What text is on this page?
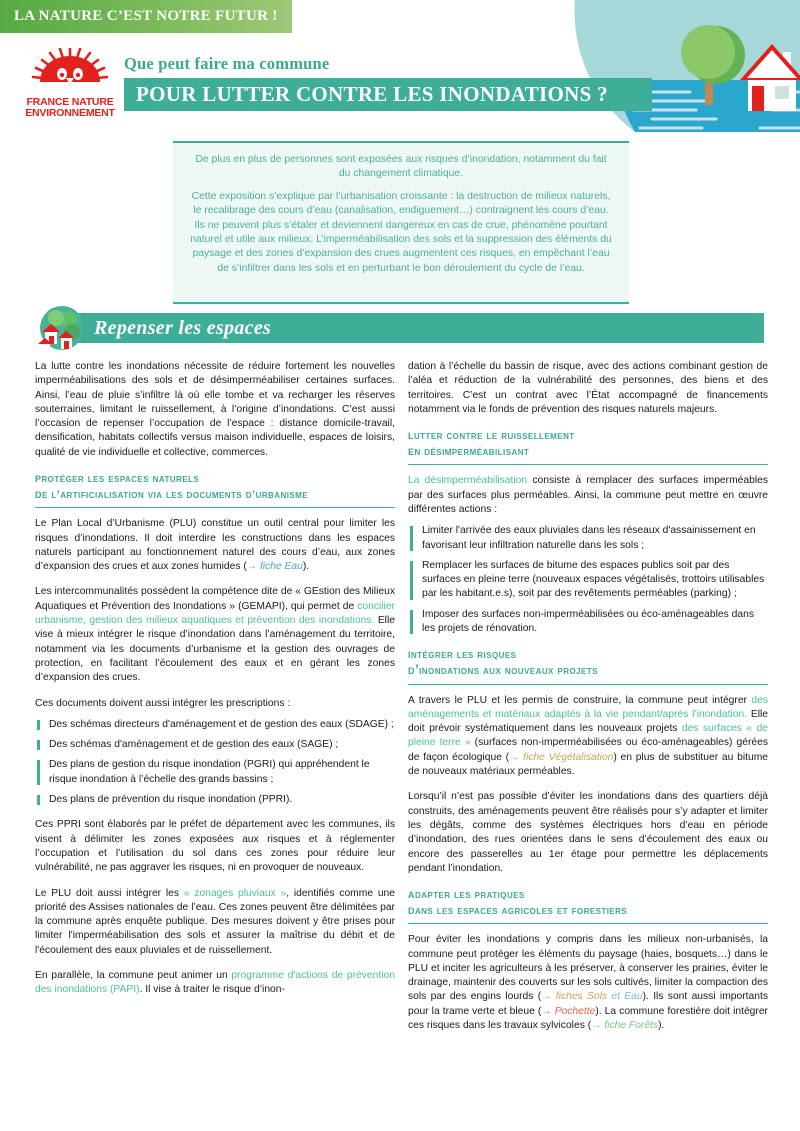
LA NATURE C’EST NOTRE FUTUR !
FRANCE NATURE
ENVIRONNEMENT
Que peut faire ma commune
POUR LUTTER CONTRE LES INONDATIONS ?

De plus en plus de personnes sont exposées aux risques d’inondation, notamment du fait du changement climatique.

Cette exposition s’explique par l’urbanisation croissante : la destruction de milieux naturels, le recalibrage des cours d’eau (canalisation, endiguement…) contraignent les cours d’eau. Ils ne peuvent plus s’étaler et deviennent dangereux en cas de crue, phénomène pourtant naturel et utile aux milieux. L’imperméabilisation des sols et la suppression des éléments du paysage et des zones d’expansion des crues augmentent ces risques, en empêchant l’eau de s’infiltrer dans les sols et en perturbant le bon déroulement du cycle de l’eau.

Repenser les espaces

La lutte contre les inondations nécessite de réduire fortement les nouvelles imperméabilisations des sols et de désimperméabiliser certaines surfaces. Ainsi, l’eau de pluie s’infiltre là où elle tombe et va recharger les réserves souterraines, limitant le ruissellement, à l’origine d’inondations. C’est aussi l’occasion de repenser l’occupation de l’espace : distance domicile-travail, densification, habitats collectifs versus maison individuelle, espaces de loisirs, qualité de vie individuelle et collective, commerces.

protéger les espaces naturels
de l’artificialisation via les documents d’urbanisme

Le Plan Local d’Urbanisme (PLU) constitue un outil central pour limiter les risques d’inondations. Il doit interdire les constructions dans les espaces naturels participant au fonctionnement naturel des cours d’eau, aux zones d’expansion des crues et aux zones humides (→ fiche Eau).

Les intercommunalités possèdent la compétence dite de « GEstion des Milieux Aquatiques et Prévention des Inondations » (GEMAPI), qui permet de concilier urbanisme, gestion des milieux aquatiques et prévention des inondations. Elle vise à mieux intégrer le risque d’inondation dans l’aménagement du territoire, notamment via les documents d’urbanisme et la gestion des ouvrages de protection, en facilitant l’écoulement des eaux et en gérant les zones d’expansion des crues.

Ces documents doivent aussi intégrer les prescriptions :

Des schémas directeurs d'aménagement et de gestion des eaux (SDAGE) ;
Des schémas d'aménagement et de gestion des eaux (SAGE) ;
Des plans de gestion du risque inondation (PGRI) qui appréhendent le risque inondation à l’échelle des grands bassins ;
Des plans de prévention du risque inondation (PPRI).

Ces PPRI sont élaborés par le préfet de département avec les communes, ils visent à délimiter les zones exposées aux risques et à réglementer l’occupation et l’utilisation du sol dans ces zones pour réduire leur vulnérabilité, ne pas aggraver les risques, ni en provoquer de nouveaux.

Le PLU doit aussi intégrer les « zonages pluviaux », identifiés comme une priorité des Assises nationales de l’eau. Ces zones peuvent être délimitées par la commune après enquête publique. Des mesures doivent y être prises pour limiter l'imperméabilisation des sols et assurer la maîtrise du débit et de l'écoulement des eaux pluviales et de ruissellement.

En parallèle, la commune peut animer un programme d'actions de prévention des inondations (PAPI). Il vise à traiter le risque d’inon-

dation à l’échelle du bassin de risque, avec des actions combinant gestion de l’aléa et réduction de la vulnérabilité des personnes, des biens et des territoires. C’est un contrat avec l’État accompagné de financements notamment via le fonds de prévention des risques naturels majeurs.

lutter contre le ruissellement
en désimperméabilisant

La désimperméabilisation consiste à remplacer des surfaces imperméables par des surfaces plus perméables. Ainsi, la commune peut mettre en œuvre différentes actions :

Limiter l'arrivée des eaux pluviales dans les réseaux d'assainissement en favorisant leur infiltration naturelle dans les sols ;
Remplacer les surfaces de bitume des espaces publics soit par des surfaces en pleine terre (nouveaux espaces végétalisés, trottoirs utilisables par les habitant.e.s), soit par des revêtements perméables (parking) ;
Imposer des surfaces non-imperméabilisées ou éco-aménageables dans les projets de rénovation.
intégrer les risques
d’inondations aux nouveaux projets

A travers le PLU et les permis de construire, la commune peut intégrer des aménagements et matériaux adaptés à la vie pendant/après l’inondation. Elle doit prévoir systématiquement dans les nouveaux projets des surfaces « de pleine terre » (surfaces non-imperméabilisées ou éco-aménageables) gérées de façon écologique (→ fiche Végétalisation) en plus de substituer au bitume de nouveaux matériaux perméables.

Lorsqu’il n’est pas possible d’éviter les inondations dans des quartiers déjà construits, des aménagements peuvent être réalisés pour s’y adapter et limiter les dégâts, comme des systèmes électriques hors d’eau en période d’inondation, des rues orientées dans le sens d’écoulement des eaux ou encore des passerelles au 1er étage pour permettre les déplacements pendant l’inondation.

adapter les pratiques
dans les espaces agricoles et forestiers

Pour éviter les inondations y compris dans les milieux non-urbanisés, la commune peut protéger les éléments du paysage (haies, bosquets…) dans le PLU et inciter les agriculteurs à les préserver, à conserver les prairies, éviter le drainage, maintenir des couverts sur les sols cultivés, limiter la compaction des sols par des engins lourds (→ fiches Sols et Eau). Ils sont aussi importants pour la trame verte et bleue (→ Pochette). La commune forestière doit intégrer ces risques dans les travaux sylvicoles (→ fiche Forêts).
